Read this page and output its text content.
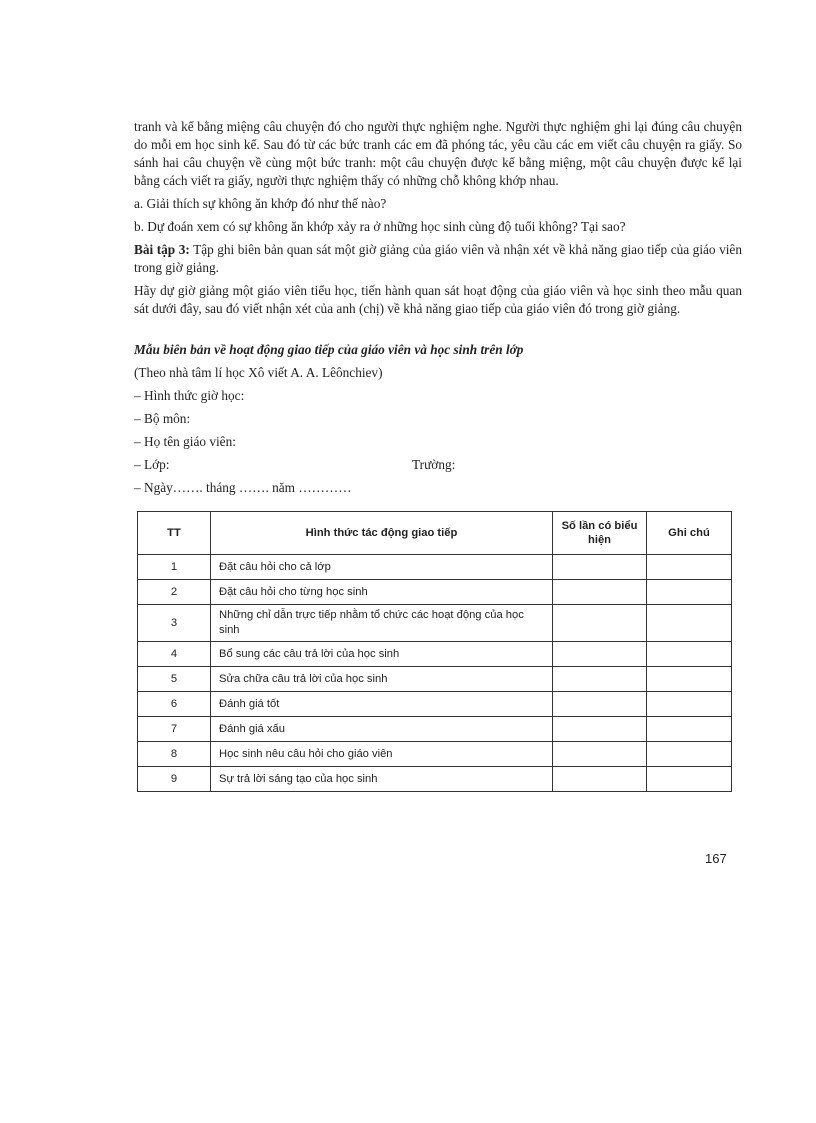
tranh và kể bằng miệng câu chuyện đó cho người thực nghiệm nghe. Người thực nghiệm ghi lại đúng câu chuyện do mỗi em học sinh kể. Sau đó từ các bức tranh các em đã phóng tác, yêu cầu các em viết câu chuyện ra giấy. So sánh hai câu chuyện về cùng một bức tranh: một câu chuyện được kể bằng miệng, một câu chuyện được kể lại bằng cách viết ra giấy, người thực nghiệm thấy có những chỗ không khớp nhau.

a. Giải thích sự không ăn khớp đó như thế nào?

b. Dự đoán xem có sự không ăn khớp xảy ra ở những học sinh cùng độ tuổi không? Tại sao?

Bài tập 3: Tập ghi biên bản quan sát một giờ giảng của giáo viên và nhận xét về khả năng giao tiếp của giáo viên trong giờ giảng.

Hãy dự giờ giảng một giáo viên tiểu học, tiến hành quan sát hoạt động của giáo viên và học sinh theo mẫu quan sát dưới đây, sau đó viết nhận xét của anh (chị) về khả năng giao tiếp của giáo viên đó trong giờ giảng.

Mẫu biên bản về hoạt động giao tiếp của giáo viên và học sinh trên lớp

(Theo nhà tâm lí học Xô viết A. A. Lêônchiev)

– Hình thức giờ học:

– Bộ môn:

– Họ tên giáo viên:

– Lớp:	Trường:

– Ngày……. tháng ……. năm …………

TT	Hình thức tác động giao tiếp	Số lần có biểu hiện	Ghi chú
1	Đặt câu hỏi cho cả lớp		
2	Đặt câu hỏi cho từng học sinh		
3	Những chỉ dẫn trực tiếp nhằm tổ chức các hoạt động của học sinh		
4	Bổ sung các câu trả lời của học sinh		
5	Sửa chữa câu trả lời của học sinh		
6	Đánh giá tốt		
7	Đánh giá xấu		
8	Học sinh nêu câu hỏi cho giáo viên		
9	Sự trả lời sáng tạo của học sinh		
167
